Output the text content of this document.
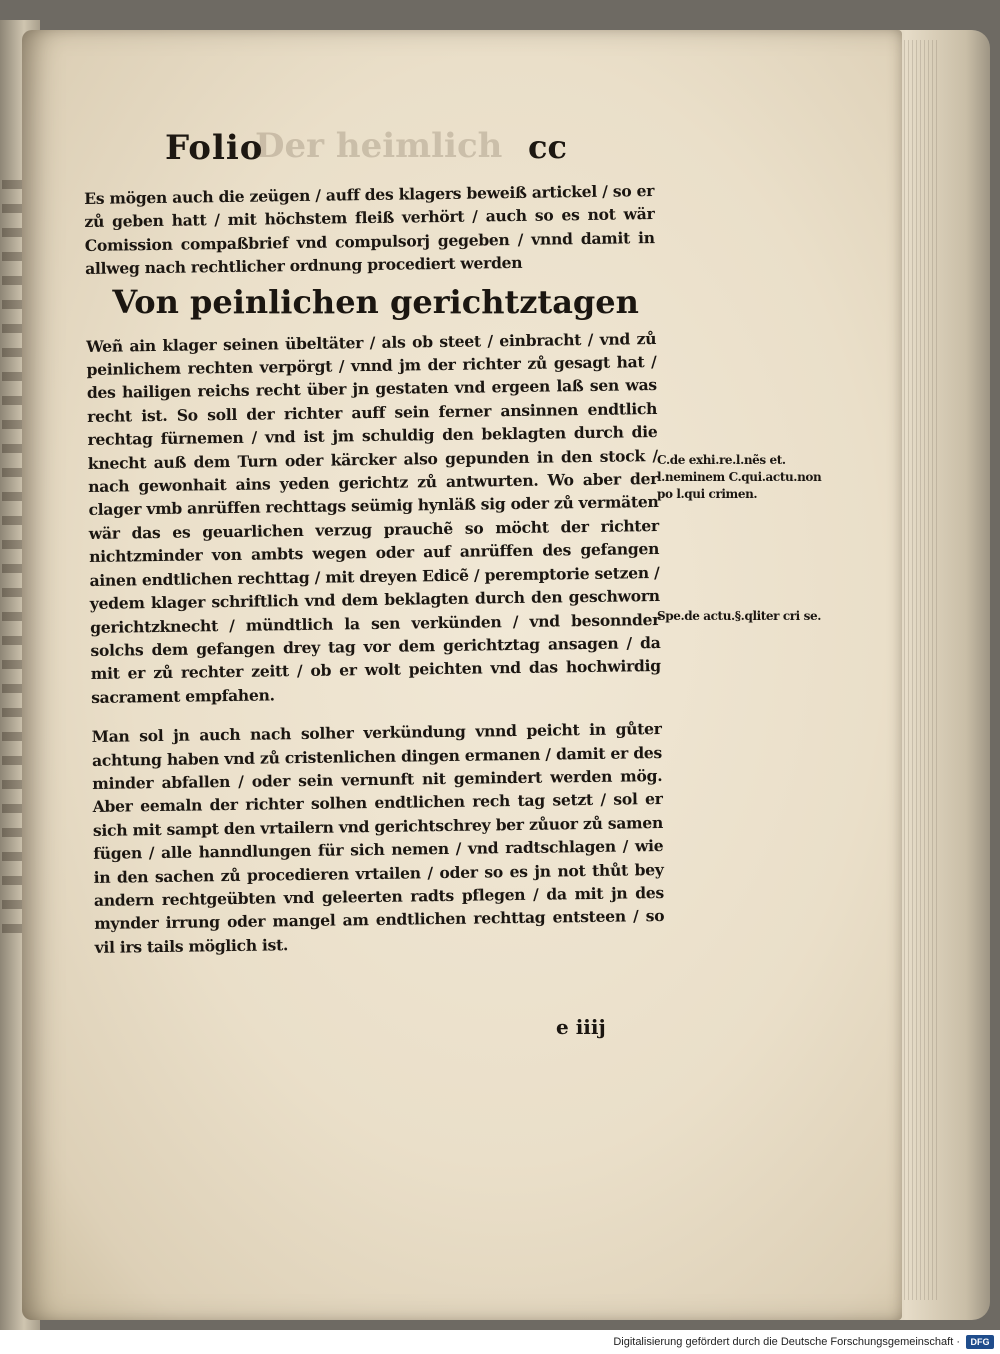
Folio
Der heimlich cc

Es mögen auch die zeügen / auff des klagers beweiß artickel / so er zů geben hatt / mit höchstem fleiß verhört / auch so es not wär Comission compaßbrief vnd compulsorj gegeben / vnnd damit in allweg nach rechtlicher ordnung procediert werden

Von peinlichen gerichtztagen

Weñ ain klager seinen übeltäter / als ob steet / einbracht / vnd zů peinlichem rechten verpörgt / vnnd jm der richter zů gesagt hat / des hailigen reichs recht über jn gestaten vnd ergeen laß sen was recht ist. So soll der richter auff sein ferner ansinnen endtlich rechtag fürnemen / vnd ist jm schuldig den beklagten durch die knecht auß dem Turn oder kärcker also gepunden in den stock / nach gewonhait ains yeden gerichtz zů antwurten. Wo aber der clager vmb anrüffen rechttags seümig hynläß sig oder zů vermäten wär das es geuarlichen verzug prauchẽ so möcht der richter nichtzminder von ambts wegen oder auf anrüffen des gefangen ainen endtlichen rechttag / mit dreyen Edicẽ / peremptorie setzen / yedem klager schriftlich vnd dem beklagten durch den geschworn gerichtzknecht / mündtlich la sen verkünden / vnd besonnder solchs dem gefangen drey tag vor dem gerichtztag ansagen / da mit er zů rechter zeitt / ob er wolt peichten vnd das hochwirdig sacrament empfahen.

Man sol jn auch nach solher verkündung vnnd peicht in gůter achtung haben vnd zů cristenlichen dingen ermanen / damit er des minder abfallen / oder sein vernunft nit gemindert werden mög. Aber eemaln der richter solhen endtlichen rech tag setzt / sol er sich mit sampt den vrtailern vnd gerichtschrey ber zůuor zů samen fügen / alle hanndlungen für sich nemen / vnd radtschlagen / wie in den sachen zů procedieren vrtailen / oder so es jn not thůt bey andern rechtgeübten vnd geleerten radts pflegen / da mit jn des mynder irrung oder mangel am endtlichen rechttag entsteen / so vil irs tails möglich ist.

C.de exhi.re.l.nẽs et. l.neminem C.qui.actu.non po l.qui crimen.
Spe.de actu.§.qliter cri se.
e iiij
Digitalisierung gefördert durch die Deutsche Forschungsgemeinschaft ·	DFG
